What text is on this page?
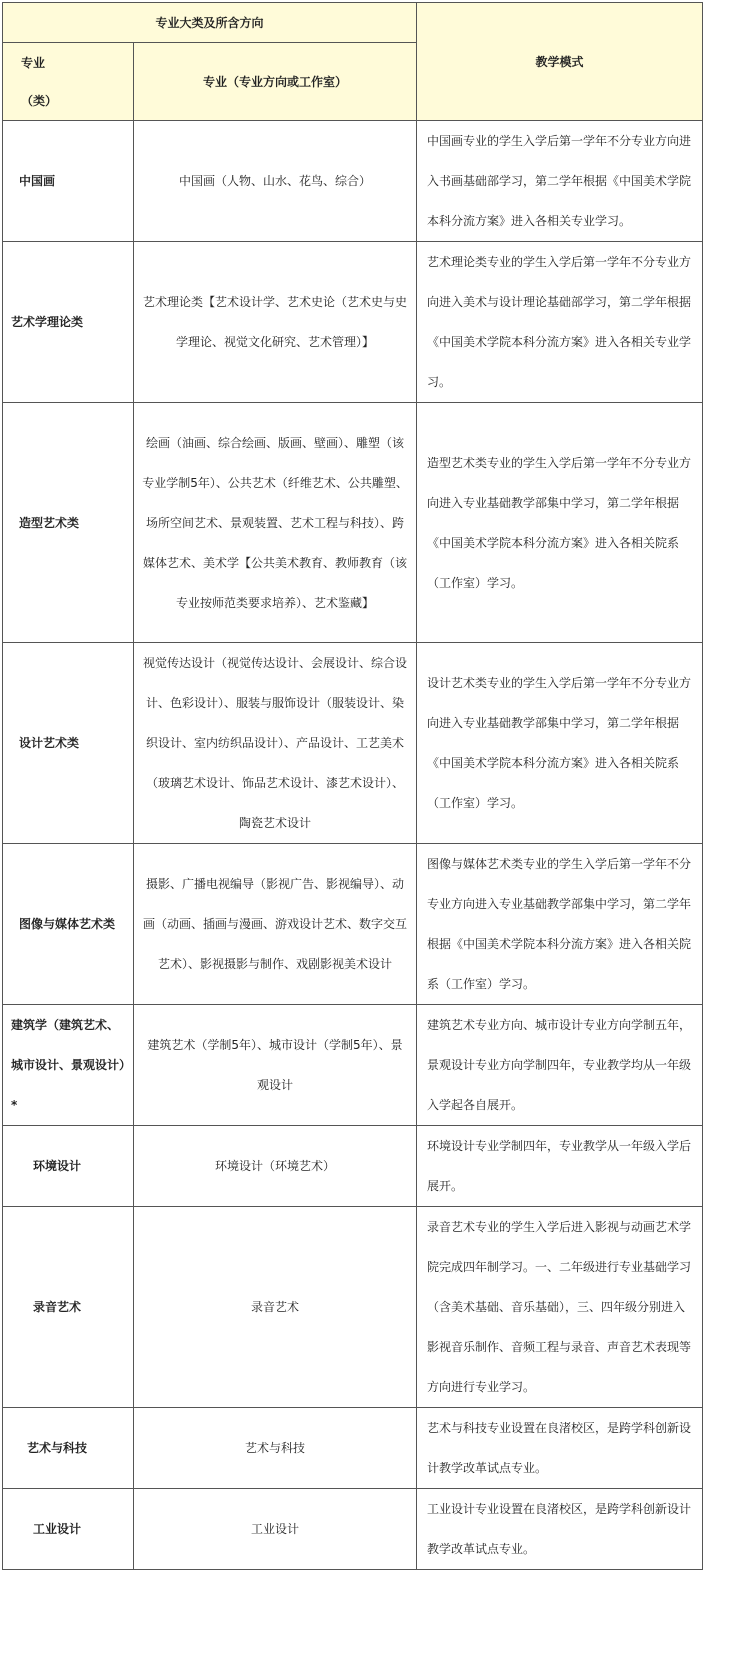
专业大类及所含方向		教学模式

专业
（类）	专业（专业方向或工作室）	
中国画	中国画（人物、山水、花鸟、综合）	中国画专业的学生入学后第一学年不分专业方向进入书画基础部学习，第二学年根据《中国美术学院本科分流方案》进入各相关专业学习。
艺术学理论类	艺术理论类【艺术设计学、艺术史论（艺术史与史学理论、视觉文化研究、艺术管理）】	艺术理论类专业的学生入学后第一学年不分专业方向进入美术与设计理论基础部学习，第二学年根据《中国美术学院本科分流方案》进入各相关专业学习。
造型艺术类	绘画（油画、综合绘画、版画、壁画）、雕塑（该专业学制5年）、公共艺术（纤维艺术、公共雕塑、场所空间艺术、景观装置、艺术工程与科技）、跨媒体艺术、美术学【公共美术教育、教师教育（该专业按师范类要求培养）、艺术鉴藏】	造型艺术类专业的学生入学后第一学年不分专业方向进入专业基础教学部集中学习，第二学年根据《中国美术学院本科分流方案》进入各相关院系（工作室）学习。
设计艺术类	视觉传达设计（视觉传达设计、会展设计、综合设计、色彩设计）、服装与服饰设计（服装设计、染织设计、室内纺织品设计）、产品设计、工艺美术（玻璃艺术设计、饰品艺术设计、漆艺术设计）、陶瓷艺术设计	设计艺术类专业的学生入学后第一学年不分专业方向进入专业基础教学部集中学习，第二学年根据《中国美术学院本科分流方案》进入各相关院系（工作室）学习。
图像与媒体艺术类	摄影、广播电视编导（影视广告、影视编导）、动画（动画、插画与漫画、游戏设计艺术、数字交互艺术）、影视摄影与制作、戏剧影视美术设计	图像与媒体艺术类专业的学生入学后第一学年不分专业方向进入专业基础教学部集中学习，第二学年根据《中国美术学院本科分流方案》进入各相关院系（工作室）学习。
建筑学（建筑艺术、城市设计、景观设计）*	建筑艺术（学制5年）、城市设计（学制5年）、景观设计	建筑艺术专业方向、城市设计专业方向学制五年，景观设计专业方向学制四年，专业教学均从一年级入学起各自展开。
环境设计	环境设计（环境艺术）	环境设计专业学制四年，专业教学从一年级入学后展开。
录音艺术	录音艺术	录音艺术专业的学生入学后进入影视与动画艺术学院完成四年制学习。一、二年级进行专业基础学习（含美术基础、音乐基础），三、四年级分别进入影视音乐制作、音频工程与录音、声音艺术表现等方向进行专业学习。
艺术与科技	艺术与科技	艺术与科技专业设置在良渚校区，是跨学科创新设计教学改革试点专业。
工业设计	工业设计	工业设计专业设置在良渚校区，是跨学科创新设计教学改革试点专业。
